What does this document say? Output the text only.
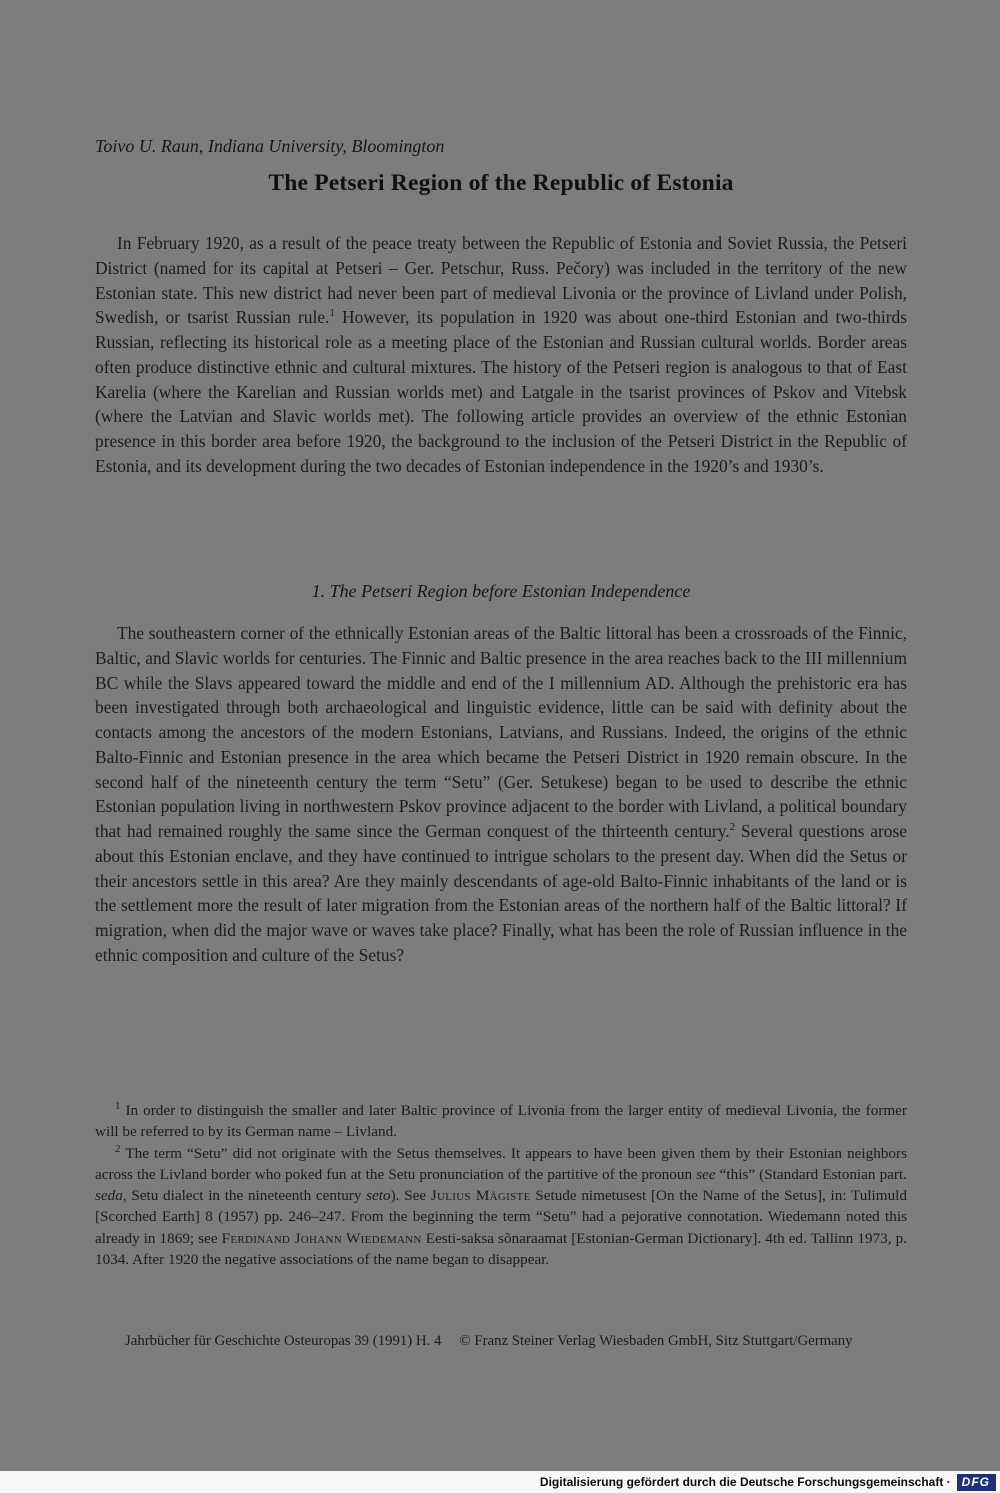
Toivo U. Raun, Indiana University, Bloomington
The Petseri Region of the Republic of Estonia
In February 1920, as a result of the peace treaty between the Republic of Estonia and Soviet Russia, the Petseri District (named for its capital at Petseri – Ger. Petschur, Russ. Pečory) was included in the territory of the new Estonian state. This new district had never been part of medieval Livonia or the province of Livland under Polish, Swedish, or tsarist Russian rule.$^1$ However, its population in 1920 was about one-third Estonian and two-thirds Russian, reflecting its historical role as a meeting place of the Estonian and Russian cultural worlds. Border areas often produce distinctive ethnic and cultural mixtures. The history of the Petseri region is analogous to that of East Karelia (where the Karelian and Russian worlds met) and Latgale in the tsarist provinces of Pskov and Vitebsk (where the Latvian and Slavic worlds met). The following article provides an overview of the ethnic Estonian presence in this border area before 1920, the background to the inclusion of the Petseri District in the Republic of Estonia, and its development during the two decades of Estonian independence in the 1920’s and 1930’s.
1. The Petseri Region before Estonian Independence
The southeastern corner of the ethnically Estonian areas of the Baltic littoral has been a crossroads of the Finnic, Baltic, and Slavic worlds for centuries. The Finnic and Baltic presence in the area reaches back to the III millennium BC while the Slavs appeared toward the middle and end of the I millennium AD. Although the prehistoric era has been investigated through both archaeological and linguistic evidence, little can be said with definity about the contacts among the ancestors of the modern Estonians, Latvians, and Russians. Indeed, the origins of the ethnic Balto-Finnic and Estonian presence in the area which became the Petseri District in 1920 remain obscure. In the second half of the nineteenth century the term “Setu” (Ger. Setukese) began to be used to describe the ethnic Estonian population living in northwestern Pskov province adjacent to the border with Livland, a political boundary that had remained roughly the same since the German conquest of the thirteenth century.$^2$ Several questions arose about this Estonian enclave, and they have continued to intrigue scholars to the present day. When did the Setus or their ancestors settle in this area? Are they mainly descendants of age-old Balto-Finnic inhabitants of the land or is the settlement more the result of later migration from the Estonian areas of the northern half of the Baltic littoral? If migration, when did the major wave or waves take place? Finally, what has been the role of Russian influence in the ethnic composition and culture of the Setus?
$^1$ In order to distinguish the smaller and later Baltic province of Livonia from the larger entity of medieval Livonia, the former will be referred to by its German name – Livland.
$^2$ The term “Setu” did not originate with the Setus themselves. It appears to have been given them by their Estonian neighbors across the Livland border who poked fun at the Setu pronunciation of the partitive of the pronoun see “this” (Standard Estonian part. seda, Setu dialect in the nineteenth century seto). See Julius Mägiste Setude nimetusest [On the Name of the Setus], in: Tulimuld [Scorched Earth] 8 (1957) pp. 246–247. From the beginning the term “Setu” had a pejorative connotation. Wiedemann noted this already in 1869; see Ferdinand Johann Wiedemann Eesti-saksa sõnaraamat [Estonian-German Dictionary]. 4th ed. Tallinn 1973, p. 1034. After 1920 the negative associations of the name began to disappear.
Jahrbücher für Geschichte Osteuropas 39 (1991) H. 4 © Franz Steiner Verlag Wiesbaden GmbH, Sitz Stuttgart/Germany
Digitalisierung gefördert durch die Deutsche Forschungsgemeinschaft · DFG
